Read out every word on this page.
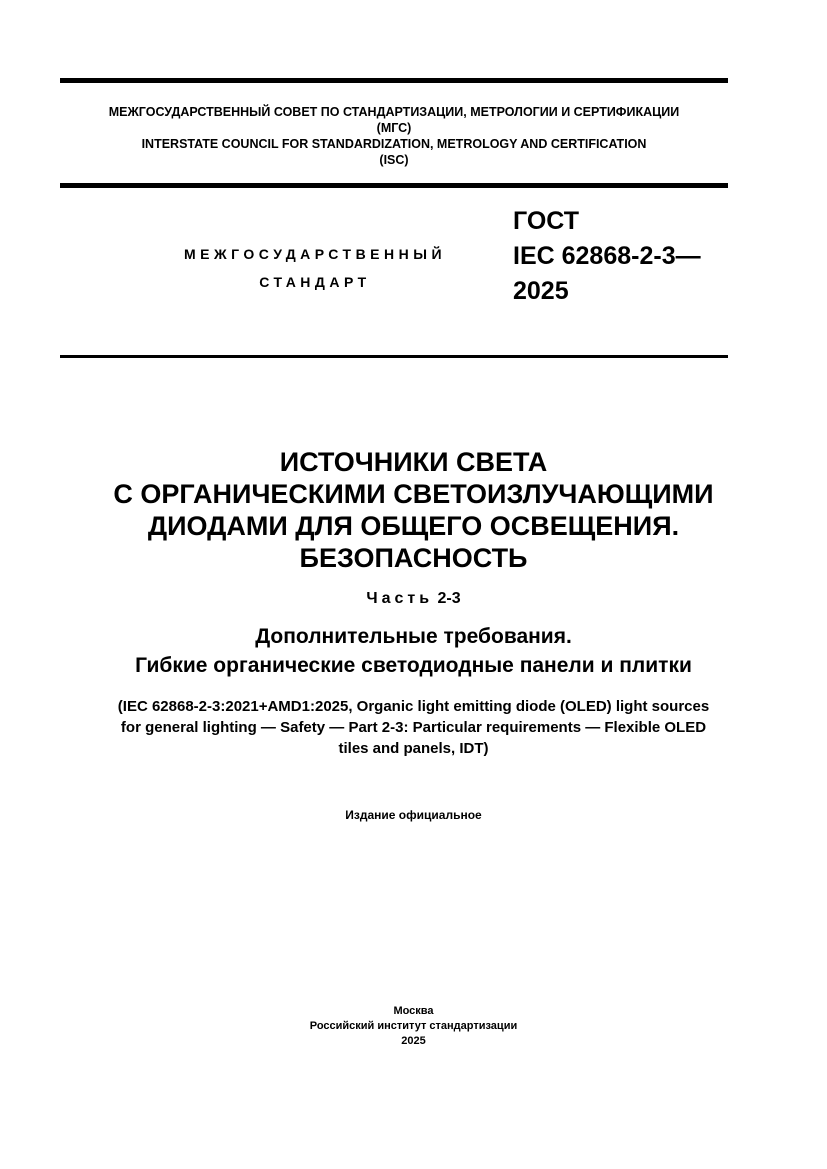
МЕЖГОСУДАРСТВЕННЫЙ СОВЕТ ПО СТАНДАРТИЗАЦИИ, МЕТРОЛОГИИ И СЕРТИФИКАЦИИ
(МГС)
INTERSTATE COUNCIL FOR STANDARDIZATION, METROLOGY AND CERTIFICATION
(ISC)
МЕЖГОСУДАРСТВЕННЫЙ
СТАНДАРТ
ГОСТ
IEC 62868-2-3—
2025
ИСТОЧНИКИ СВЕТА
С ОРГАНИЧЕСКИМИ СВЕТОИЗЛУЧАЮЩИМИ
ДИОДАМИ ДЛЯ ОБЩЕГО ОСВЕЩЕНИЯ.
БЕЗОПАСНОСТЬ
Часть 2-3
Дополнительные требования.
Гибкие органические светодиодные панели и плитки
(IEC 62868-2-3:2021+AMD1:2025, Organic light emitting diode (OLED) light sources
for general lighting — Safety — Part 2-3: Particular requirements — Flexible OLED
tiles and panels, IDT)
Издание официальное
Москва
Российский институт стандартизации
2025
